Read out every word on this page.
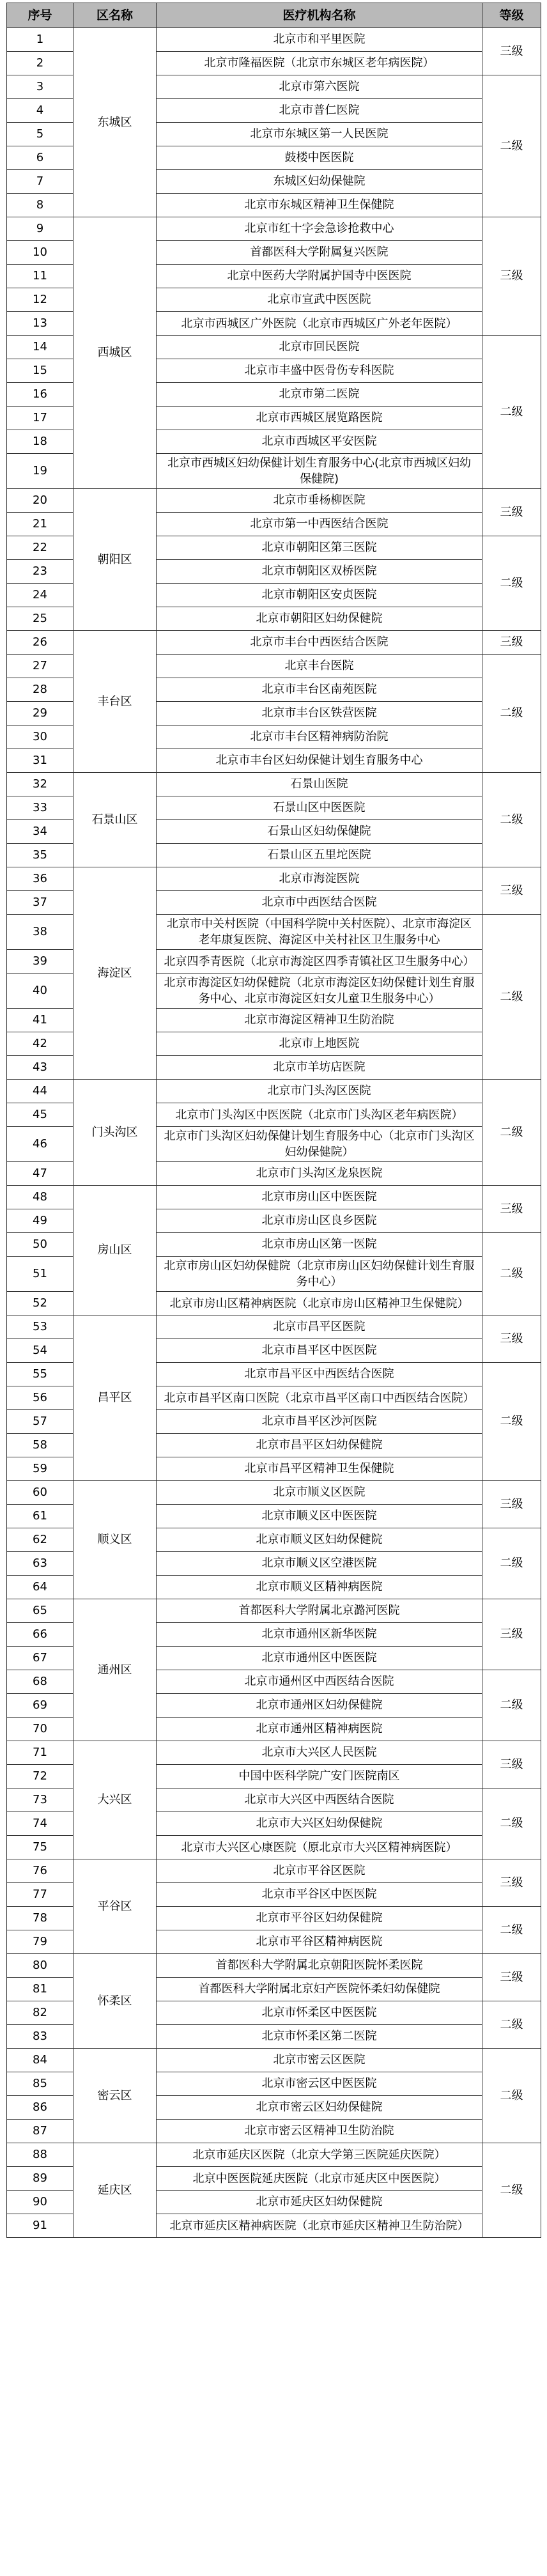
序号	区名称	医疗机构名称	等级
1	东城区	北京市和平里医院	三级
2		北京市隆福医院（北京市东城区老年病医院）	
3		北京市第六医院	二级
4		北京市普仁医院	
5		北京市东城区第一人民医院	
6		鼓楼中医医院	
7		东城区妇幼保健院	
8		北京市东城区精神卫生保健院	
9	西城区	北京市红十字会急诊抢救中心	三级
10		首都医科大学附属复兴医院	
11		北京中医药大学附属护国寺中医医院	
12		北京市宣武中医医院	
13		北京市西城区广外医院（北京市西城区广外老年医院）	
14		北京市回民医院	二级
15		北京市丰盛中医骨伤专科医院	
16		北京市第二医院	
17		北京市西城区展览路医院	
18		北京市西城区平安医院	
19		北京市西城区妇幼保健计划生育服务中心(北京市西城区妇幼保健院)	
20	朝阳区	北京市垂杨柳医院	三级
21		北京市第一中西医结合医院	
22		北京市朝阳区第三医院	二级
23		北京市朝阳区双桥医院	
24		北京市朝阳区安贞医院	
25		北京市朝阳区妇幼保健院	
26	丰台区	北京市丰台中西医结合医院	三级
27		北京丰台医院	二级
28		北京市丰台区南苑医院	
29		北京市丰台区铁营医院	
30		北京市丰台区精神病防治院	
31		北京市丰台区妇幼保健计划生育服务中心	
32	石景山区	石景山医院	二级
33		石景山区中医医院	
34		石景山区妇幼保健院	
35		石景山区五里坨医院	
36	海淀区	北京市海淀医院	三级
37		北京市中西医结合医院	
38		北京市中关村医院（中国科学院中关村医院）、北京市海淀区老年康复医院、海淀区中关村社区卫生服务中心	二级
39		北京四季青医院（北京市海淀区四季青镇社区卫生服务中心）	
40		北京市海淀区妇幼保健院（北京市海淀区妇幼保健计划生育服务中心、北京市海淀区妇女儿童卫生服务中心）	
41		北京市海淀区精神卫生防治院	
42		北京市上地医院	
43		北京市羊坊店医院	
44	门头沟区	北京市门头沟区医院	二级
45		北京市门头沟区中医医院（北京市门头沟区老年病医院）	
46		北京市门头沟区妇幼保健计划生育服务中心（北京市门头沟区妇幼保健院）	
47		北京市门头沟区龙泉医院	
48	房山区	北京市房山区中医医院	三级
49		北京市房山区良乡医院	
50		北京市房山区第一医院	二级
51		北京市房山区妇幼保健院（北京市房山区妇幼保健计划生育服务中心）	
52		北京市房山区精神病医院（北京市房山区精神卫生保健院）	
53	昌平区	北京市昌平区医院	三级
54		北京市昌平区中医医院	
55		北京市昌平区中西医结合医院	二级
56		北京市昌平区南口医院（北京市昌平区南口中西医结合医院）	
57		北京市昌平区沙河医院	
58		北京市昌平区妇幼保健院	
59		北京市昌平区精神卫生保健院	
60	顺义区	北京市顺义区医院	三级
61		北京市顺义区中医医院	
62		北京市顺义区妇幼保健院	二级
63		北京市顺义区空港医院	
64		北京市顺义区精神病医院	
65	通州区	首都医科大学附属北京潞河医院	三级
66		北京市通州区新华医院	
67		北京市通州区中医医院	
68		北京市通州区中西医结合医院	二级
69		北京市通州区妇幼保健院	
70		北京市通州区精神病医院	
71	大兴区	北京市大兴区人民医院	三级
72		中国中医科学院广安门医院南区	
73		北京市大兴区中西医结合医院	二级
74		北京市大兴区妇幼保健院	
75		北京市大兴区心康医院（原北京市大兴区精神病医院）	
76	平谷区	北京市平谷区医院	三级
77		北京市平谷区中医医院	
78		北京市平谷区妇幼保健院	二级
79		北京市平谷区精神病医院	
80	怀柔区	首都医科大学附属北京朝阳医院怀柔医院	三级
81		首都医科大学附属北京妇产医院怀柔妇幼保健院	
82		北京市怀柔区中医医院	二级
83		北京市怀柔区第二医院	
84	密云区	北京市密云区医院	二级
85		北京市密云区中医医院	
86		北京市密云区妇幼保健院	
87		北京市密云区精神卫生防治院	
88	延庆区	北京市延庆区医院（北京大学第三医院延庆医院）	二级
89		北京中医医院延庆医院（北京市延庆区中医医院）	
90		北京市延庆区妇幼保健院	
91		北京市延庆区精神病医院（北京市延庆区精神卫生防治院）	
